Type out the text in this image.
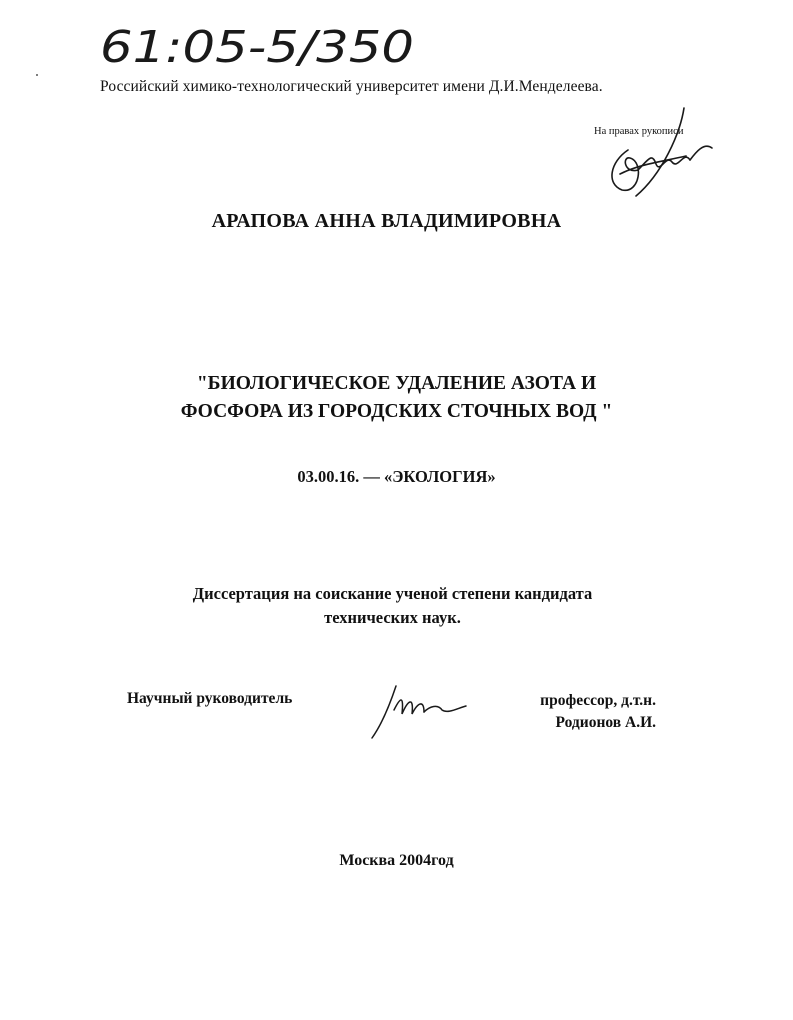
61:05-5/350
Российский химико-технологический университет имени Д.И.Менделеева.
На правах рукописи
АРАПОВА АННА ВЛАДИМИРОВНА
"БИОЛОГИЧЕСКОЕ УДАЛЕНИЕ АЗОТА И
ФОСФОРА ИЗ ГОРОДСКИХ СТОЧНЫХ ВОД "
03.00.16. — «ЭКОЛОГИЯ»
Диссертация на соискание ученой степени кандидата
технических наук.
Научный руководитель	профессор, д.т.н.
Родионов А.И.
Москва 2004год
